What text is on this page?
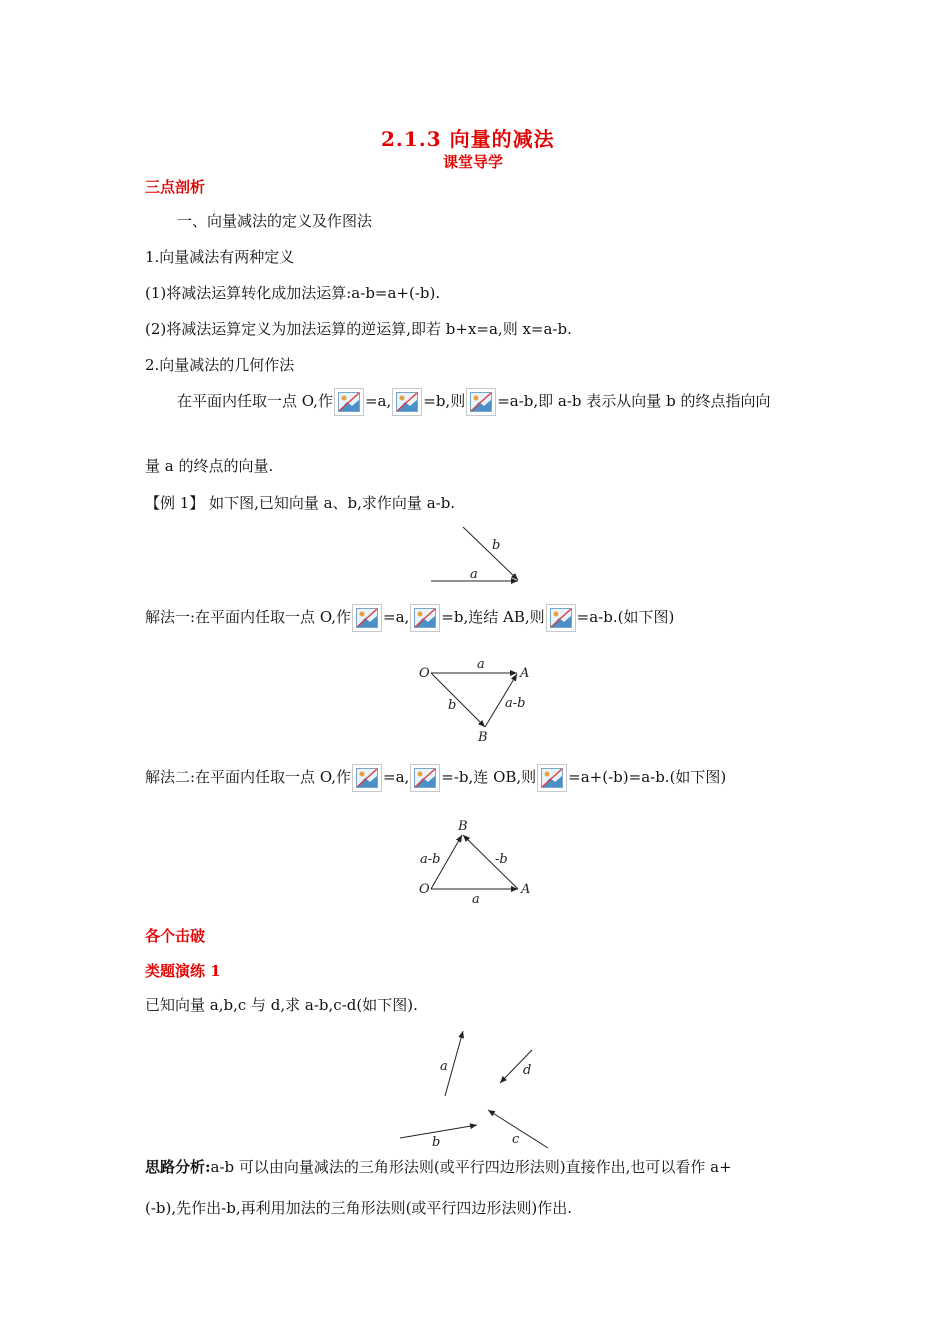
2.1.3 向量的减法
课堂导学
三点剖析
一、向量减法的定义及作图法
1.向量减法有两种定义
(1)将减法运算转化成加法运算:a-b=a+(-b).
(2)将减法运算定义为加法运算的逆运算,即若 b+x=a,则 x=a-b.
2.向量减法的几何作法
在平面内任取一点 O,作 =a, =b,则 =a-b,即 a-b 表示从向量 b 的终点指向向
量 a 的终点的向量.
【例 1】 如下图,已知向量 a、b,求作向量 a-b.
a
b
解法一:在平面内任取一点 O,作 =a, =b,连结 AB,则 =a-b.(如下图)
O	A
B
a
b	a-b
解法二:在平面内任取一点 O,作 =a, =-b,连 OB,则 =a+(-b)=a-b.(如下图)
O	A
B
a
a-b	-b
各个击破
类题演练 1
已知向量 a,b,c 与 d,求 a-b,c-d(如下图).
a	d
b	c
思路分析:a-b 可以由向量减法的三角形法则(或平行四边形法则)直接作出,也可以看作 a+
(-b),先作出-b,再利用加法的三角形法则(或平行四边形法则)作出.
